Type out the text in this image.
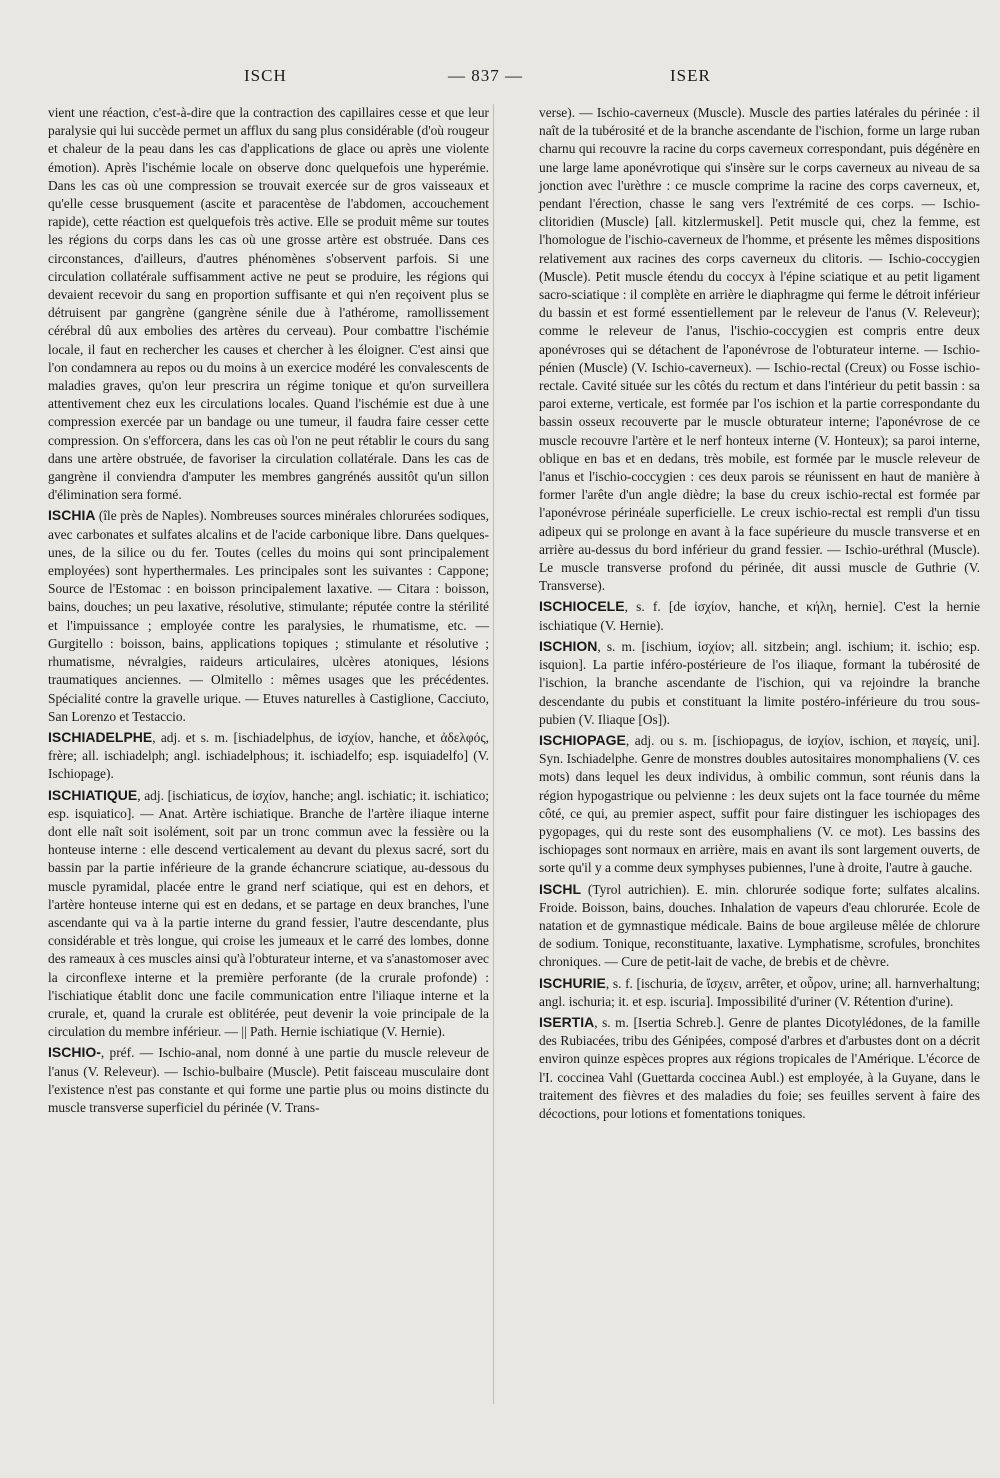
ISCH	— 837 —	ISER

vient une réaction, c'est-à-dire que la contraction des capillaires cesse et que leur paralysie qui lui succède permet un afflux du sang plus considérable (d'où rougeur et chaleur de la peau dans les cas d'applications de glace ou après une violente émotion). Après l'ischémie locale on observe donc quelquefois une hyperémie. Dans les cas où une compression se trouvait exercée sur de gros vaisseaux et qu'elle cesse brusquement (ascite et paracentèse de l'abdomen, accouchement rapide), cette réaction est quelquefois très active. Elle se produit même sur toutes les régions du corps dans les cas où une grosse artère est obstruée. Dans ces circonstances, d'ailleurs, d'autres phénomènes s'observent parfois. Si une circulation collatérale suffisamment active ne peut se produire, les régions qui devaient recevoir du sang en proportion suffisante et qui n'en reçoivent plus se détruisent par gangrène (gangrène sénile due à l'athérome, ramollissement cérébral dû aux embolies des artères du cerveau). Pour combattre l'ischémie locale, il faut en rechercher les causes et chercher à les éloigner. C'est ainsi que l'on condamnera au repos ou du moins à un exercice modéré les convalescents de maladies graves, qu'on leur prescrira un régime tonique et qu'on surveillera attentivement chez eux les circulations locales. Quand l'ischémie est due à une compression exercée par un bandage ou une tumeur, il faudra faire cesser cette compression. On s'efforcera, dans les cas où l'on ne peut rétablir le cours du sang dans une artère obstruée, de favoriser la circulation collatérale. Dans les cas de gangrène il conviendra d'amputer les membres gangrénés aussitôt qu'un sillon d'élimination sera formé.

ISCHIA (île près de Naples). Nombreuses sources minérales chlorurées sodiques, avec carbonates et sulfates alcalins et de l'acide carbonique libre. Dans quelques-unes, de la silice ou du fer. Toutes (celles du moins qui sont principalement employées) sont hyperthermales. Les principales sont les suivantes : Cappone; Source de l'Estomac : en boisson principalement laxative. — Citara : boisson, bains, douches; un peu laxative, résolutive, stimulante; réputée contre la stérilité et l'impuissance ; employée contre les paralysies, le rhumatisme, etc. — Gurgitello : boisson, bains, applications topiques ; stimulante et résolutive ; rhumatisme, névralgies, raideurs articulaires, ulcères atoniques, lésions traumatiques anciennes. — Olmitello : mêmes usages que les précédentes. Spécialité contre la gravelle urique. — Etuves naturelles à Castiglione, Cacciuto, San Lorenzo et Testaccio.

ISCHIADELPHE, adj. et s. m. [ischiadelphus, de ἰσχίον, hanche, et ἀδελφός, frère; all. ischiadelph; angl. ischiadelphous; it. ischiadelfo; esp. isquiadelfo] (V. Ischiopage).

ISCHIATIQUE, adj. [ischiaticus, de ἰσχίον, hanche; angl. ischiatic; it. ischiatico; esp. isquiatico]. — Anat. Artère ischiatique. Branche de l'artère iliaque interne dont elle naît soit isolément, soit par un tronc commun avec la fessière ou la honteuse interne : elle descend verticalement au devant du plexus sacré, sort du bassin par la partie inférieure de la grande échancrure sciatique, au-dessous du muscle pyramidal, placée entre le grand nerf sciatique, qui est en dehors, et l'artère honteuse interne qui est en dedans, et se partage en deux branches, l'une ascendante qui va à la partie interne du grand fessier, l'autre descendante, plus considérable et très longue, qui croise les jumeaux et le carré des lombes, donne des rameaux à ces muscles ainsi qu'à l'obturateur interne, et va s'anastomoser avec la circonflexe interne et la première perforante (de la crurale profonde) : l'ischiatique établit donc une facile communication entre l'iliaque interne et la crurale, et, quand la crurale est oblitérée, peut devenir la voie principale de la circulation du membre inférieur. — || Path. Hernie ischiatique (V. Hernie).

ISCHIO-, préf. — Ischio-anal, nom donné à une partie du muscle releveur de l'anus (V. Releveur). — Ischio-bulbaire (Muscle). Petit faisceau musculaire dont l'existence n'est pas constante et qui forme une partie plus ou moins distincte du muscle transverse superficiel du périnée (V. Trans-

verse). — Ischio-caverneux (Muscle). Muscle des parties latérales du périnée : il naît de la tubérosité et de la branche ascendante de l'ischion, forme un large ruban charnu qui recouvre la racine du corps caverneux correspondant, puis dégénère en une large lame aponévrotique qui s'insère sur le corps caverneux au niveau de sa jonction avec l'urèthre : ce muscle comprime la racine des corps caverneux, et, pendant l'érection, chasse le sang vers l'extrémité de ces corps. — Ischio-clitoridien (Muscle) [all. kitzlermuskel]. Petit muscle qui, chez la femme, est l'homologue de l'ischio-caverneux de l'homme, et présente les mêmes dispositions relativement aux racines des corps caverneux du clitoris. — Ischio-coccygien (Muscle). Petit muscle étendu du coccyx à l'épine sciatique et au petit ligament sacro-sciatique : il complète en arrière le diaphragme qui ferme le détroit inférieur du bassin et est formé essentiellement par le releveur de l'anus (V. Releveur); comme le releveur de l'anus, l'ischio-coccygien est compris entre deux aponévroses qui se détachent de l'aponévrose de l'obturateur interne. — Ischio-pénien (Muscle) (V. Ischio-caverneux). — Ischio-rectal (Creux) ou Fosse ischio-rectale. Cavité située sur les côtés du rectum et dans l'intérieur du petit bassin : sa paroi externe, verticale, est formée par l'os ischion et la partie correspondante du bassin osseux recouverte par le muscle obturateur interne; l'aponévrose de ce muscle recouvre l'artère et le nerf honteux interne (V. Honteux); sa paroi interne, oblique en bas et en dedans, très mobile, est formée par le muscle releveur de l'anus et l'ischio-coccygien : ces deux parois se réunissent en haut de manière à former l'arête d'un angle dièdre; la base du creux ischio-rectal est formée par l'aponévrose périnéale superficielle. Le creux ischio-rectal est rempli d'un tissu adipeux qui se prolonge en avant à la face supérieure du muscle transverse et en arrière au-dessus du bord inférieur du grand fessier. — Ischio-uréthral (Muscle). Le muscle transverse profond du périnée, dit aussi muscle de Guthrie (V. Transverse).

ISCHIOCELE, s. f. [de ἰσχίον, hanche, et κήλη, hernie]. C'est la hernie ischiatique (V. Hernie).

ISCHION, s. m. [ischium, ἰσχίον; all. sitzbein; angl. ischium; it. ischio; esp. isquion]. La partie inféro-postérieure de l'os iliaque, formant la tubérosité de l'ischion, la branche ascendante de l'ischion, qui va rejoindre la branche descendante du pubis et constituant la limite postéro-inférieure du trou sous-pubien (V. Iliaque [Os]).

ISCHIOPAGE, adj. ou s. m. [ischiopagus, de ἰσχίον, ischion, et παγείς, uni]. Syn. Ischiadelphe. Genre de monstres doubles autositaires monomphaliens (V. ces mots) dans lequel les deux individus, à ombilic commun, sont réunis dans la région hypogastrique ou pelvienne : les deux sujets ont la face tournée du même côté, ce qui, au premier aspect, suffit pour faire distinguer les ischiopages des pygopages, qui du reste sont des eusomphaliens (V. ce mot). Les bassins des ischiopages sont normaux en arrière, mais en avant ils sont largement ouverts, de sorte qu'il y a comme deux symphyses pubiennes, l'une à droite, l'autre à gauche.

ISCHL (Tyrol autrichien). E. min. chlorurée sodique forte; sulfates alcalins. Froide. Boisson, bains, douches. Inhalation de vapeurs d'eau chlorurée. Ecole de natation et de gymnastique médicale. Bains de boue argileuse mêlée de chlorure de sodium. Tonique, reconstituante, laxative. Lymphatisme, scrofules, bronchites chroniques. — Cure de petit-lait de vache, de brebis et de chèvre.

ISCHURIE, s. f. [ischuria, de ἴσχειν, arrêter, et οὖρον, urine; all. harnverhaltung; angl. ischuria; it. et esp. iscuria]. Impossibilité d'uriner (V. Rétention d'urine).

ISERTIA, s. m. [Isertia Schreb.]. Genre de plantes Dicotylédones, de la famille des Rubiacées, tribu des Génipées, composé d'arbres et d'arbustes dont on a décrit environ quinze espèces propres aux régions tropicales de l'Amérique. L'écorce de l'I. coccinea Vahl (Guettarda coccinea Aubl.) est employée, à la Guyane, dans le traitement des fièvres et des maladies du foie; ses feuilles servent à faire des décoctions, pour lotions et fomentations toniques.
